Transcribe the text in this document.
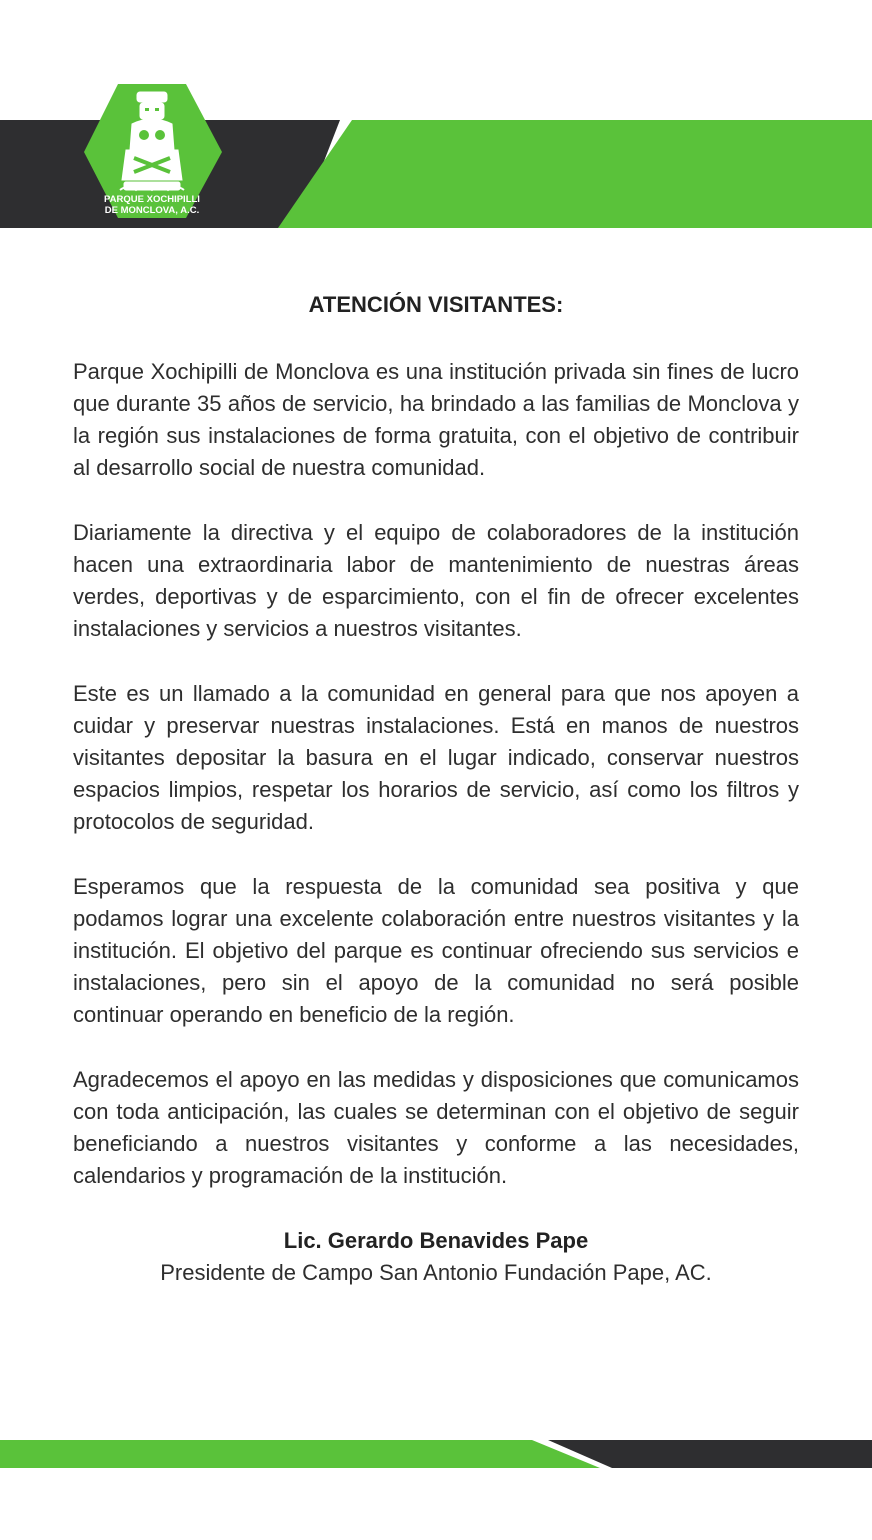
PARQUE XOCHIPILLI
DE MONCLOVA, A.C.
ATENCIÓN VISITANTES:

Parque Xochipilli de Monclova es una institución privada sin fines de lucro que durante 35 años de servicio, ha brindado a las familias de Monclova y la región sus instalaciones de forma gratuita, con el objetivo de contribuir al desarrollo social de nuestra comunidad.

Diariamente la directiva y el equipo de colaboradores de la institución hacen una extraordinaria labor de mantenimiento de nuestras áreas verdes, deportivas y de esparcimiento, con el fin de ofrecer excelentes instalaciones y servicios a nuestros visitantes.

Este es un llamado a la comunidad en general para que nos apoyen a cuidar y preservar nuestras instalaciones. Está en manos de nuestros visitantes depositar la basura en el lugar indicado, conservar nuestros espacios limpios, respetar los horarios de servicio, así como los filtros y protocolos de seguridad.

Esperamos que la respuesta de la comunidad sea positiva y que podamos lograr una excelente colaboración entre nuestros visitantes y la institución. El objetivo del parque es continuar ofreciendo sus servicios e instalaciones, pero sin el apoyo de la comunidad no será posible continuar operando en beneficio de la región.

Agradecemos el apoyo en las medidas y disposiciones que comunicamos con toda anticipación, las cuales se determinan con el objetivo de seguir beneficiando a nuestros visitantes y conforme a las necesidades, calendarios y programación de la institución.

Lic. Gerardo Benavides Pape
Presidente de Campo San Antonio Fundación Pape, AC.
